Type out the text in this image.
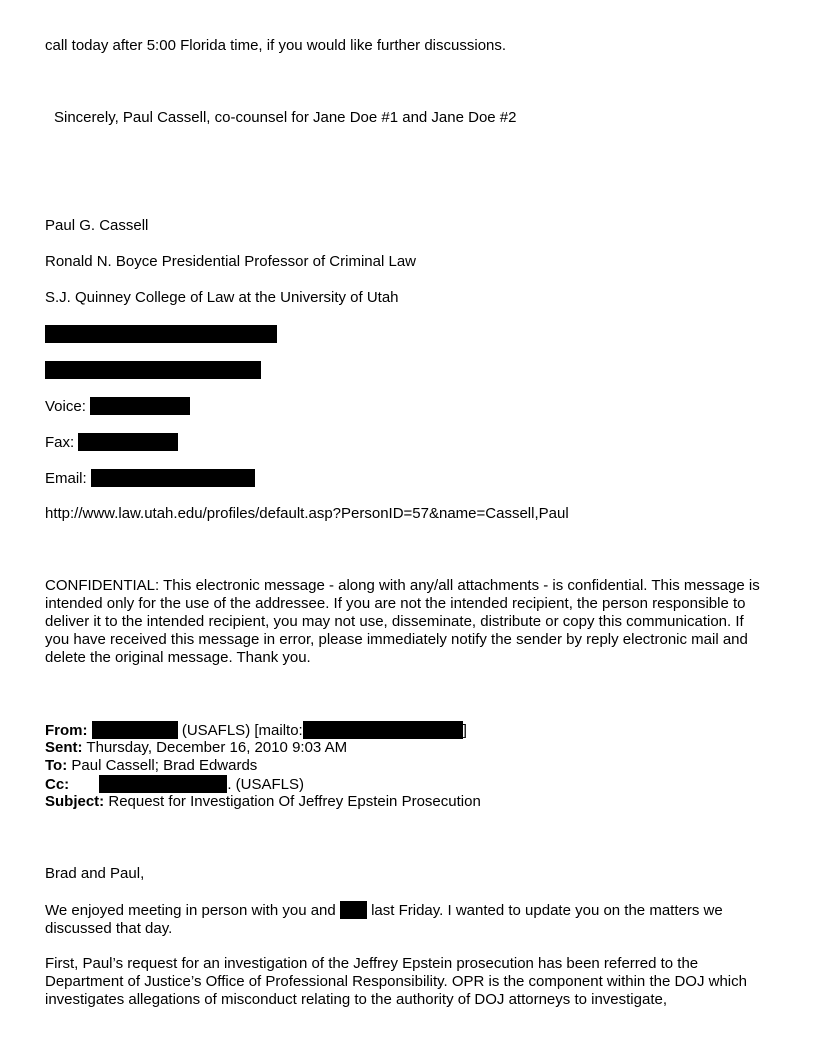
call today after 5:00 Florida time, if you would like further discussions.
Sincerely, Paul Cassell, co-counsel for Jane Doe #1 and Jane Doe #2
Paul G. Cassell
Ronald N. Boyce Presidential Professor of Criminal Law
S.J. Quinney College of Law at the University of Utah
Voice:
Fax:
Email:
http://www.law.utah.edu/profiles/default.asp?PersonID=57&name=Cassell,Paul
CONFIDENTIAL: This electronic message - along with any/all attachments - is confidential. This message is intended only for the use of the addressee. If you are not the intended recipient, the person responsible to deliver it to the intended recipient, you may not use, disseminate, distribute or copy this communication. If you have received this message in error, please immediately notify the sender by reply electronic mail and delete the original message. Thank you.
From:	(USAFLS) [mailto:	]
Sent: Thursday, December 16, 2010 9:03 AM
To: Paul Cassell; Brad Edwards
Cc:	. (USAFLS)
Subject: Request for Investigation Of Jeffrey Epstein Prosecution
Brad and Paul,
We enjoyed meeting in person with you and last Friday. I wanted to update you on the matters we discussed that day.
First, Paul’s request for an investigation of the Jeffrey Epstein prosecution has been referred to the Department of Justice’s Office of Professional Responsibility. OPR is the component within the DOJ which investigates allegations of misconduct relating to the authority of DOJ attorneys to investigate,
